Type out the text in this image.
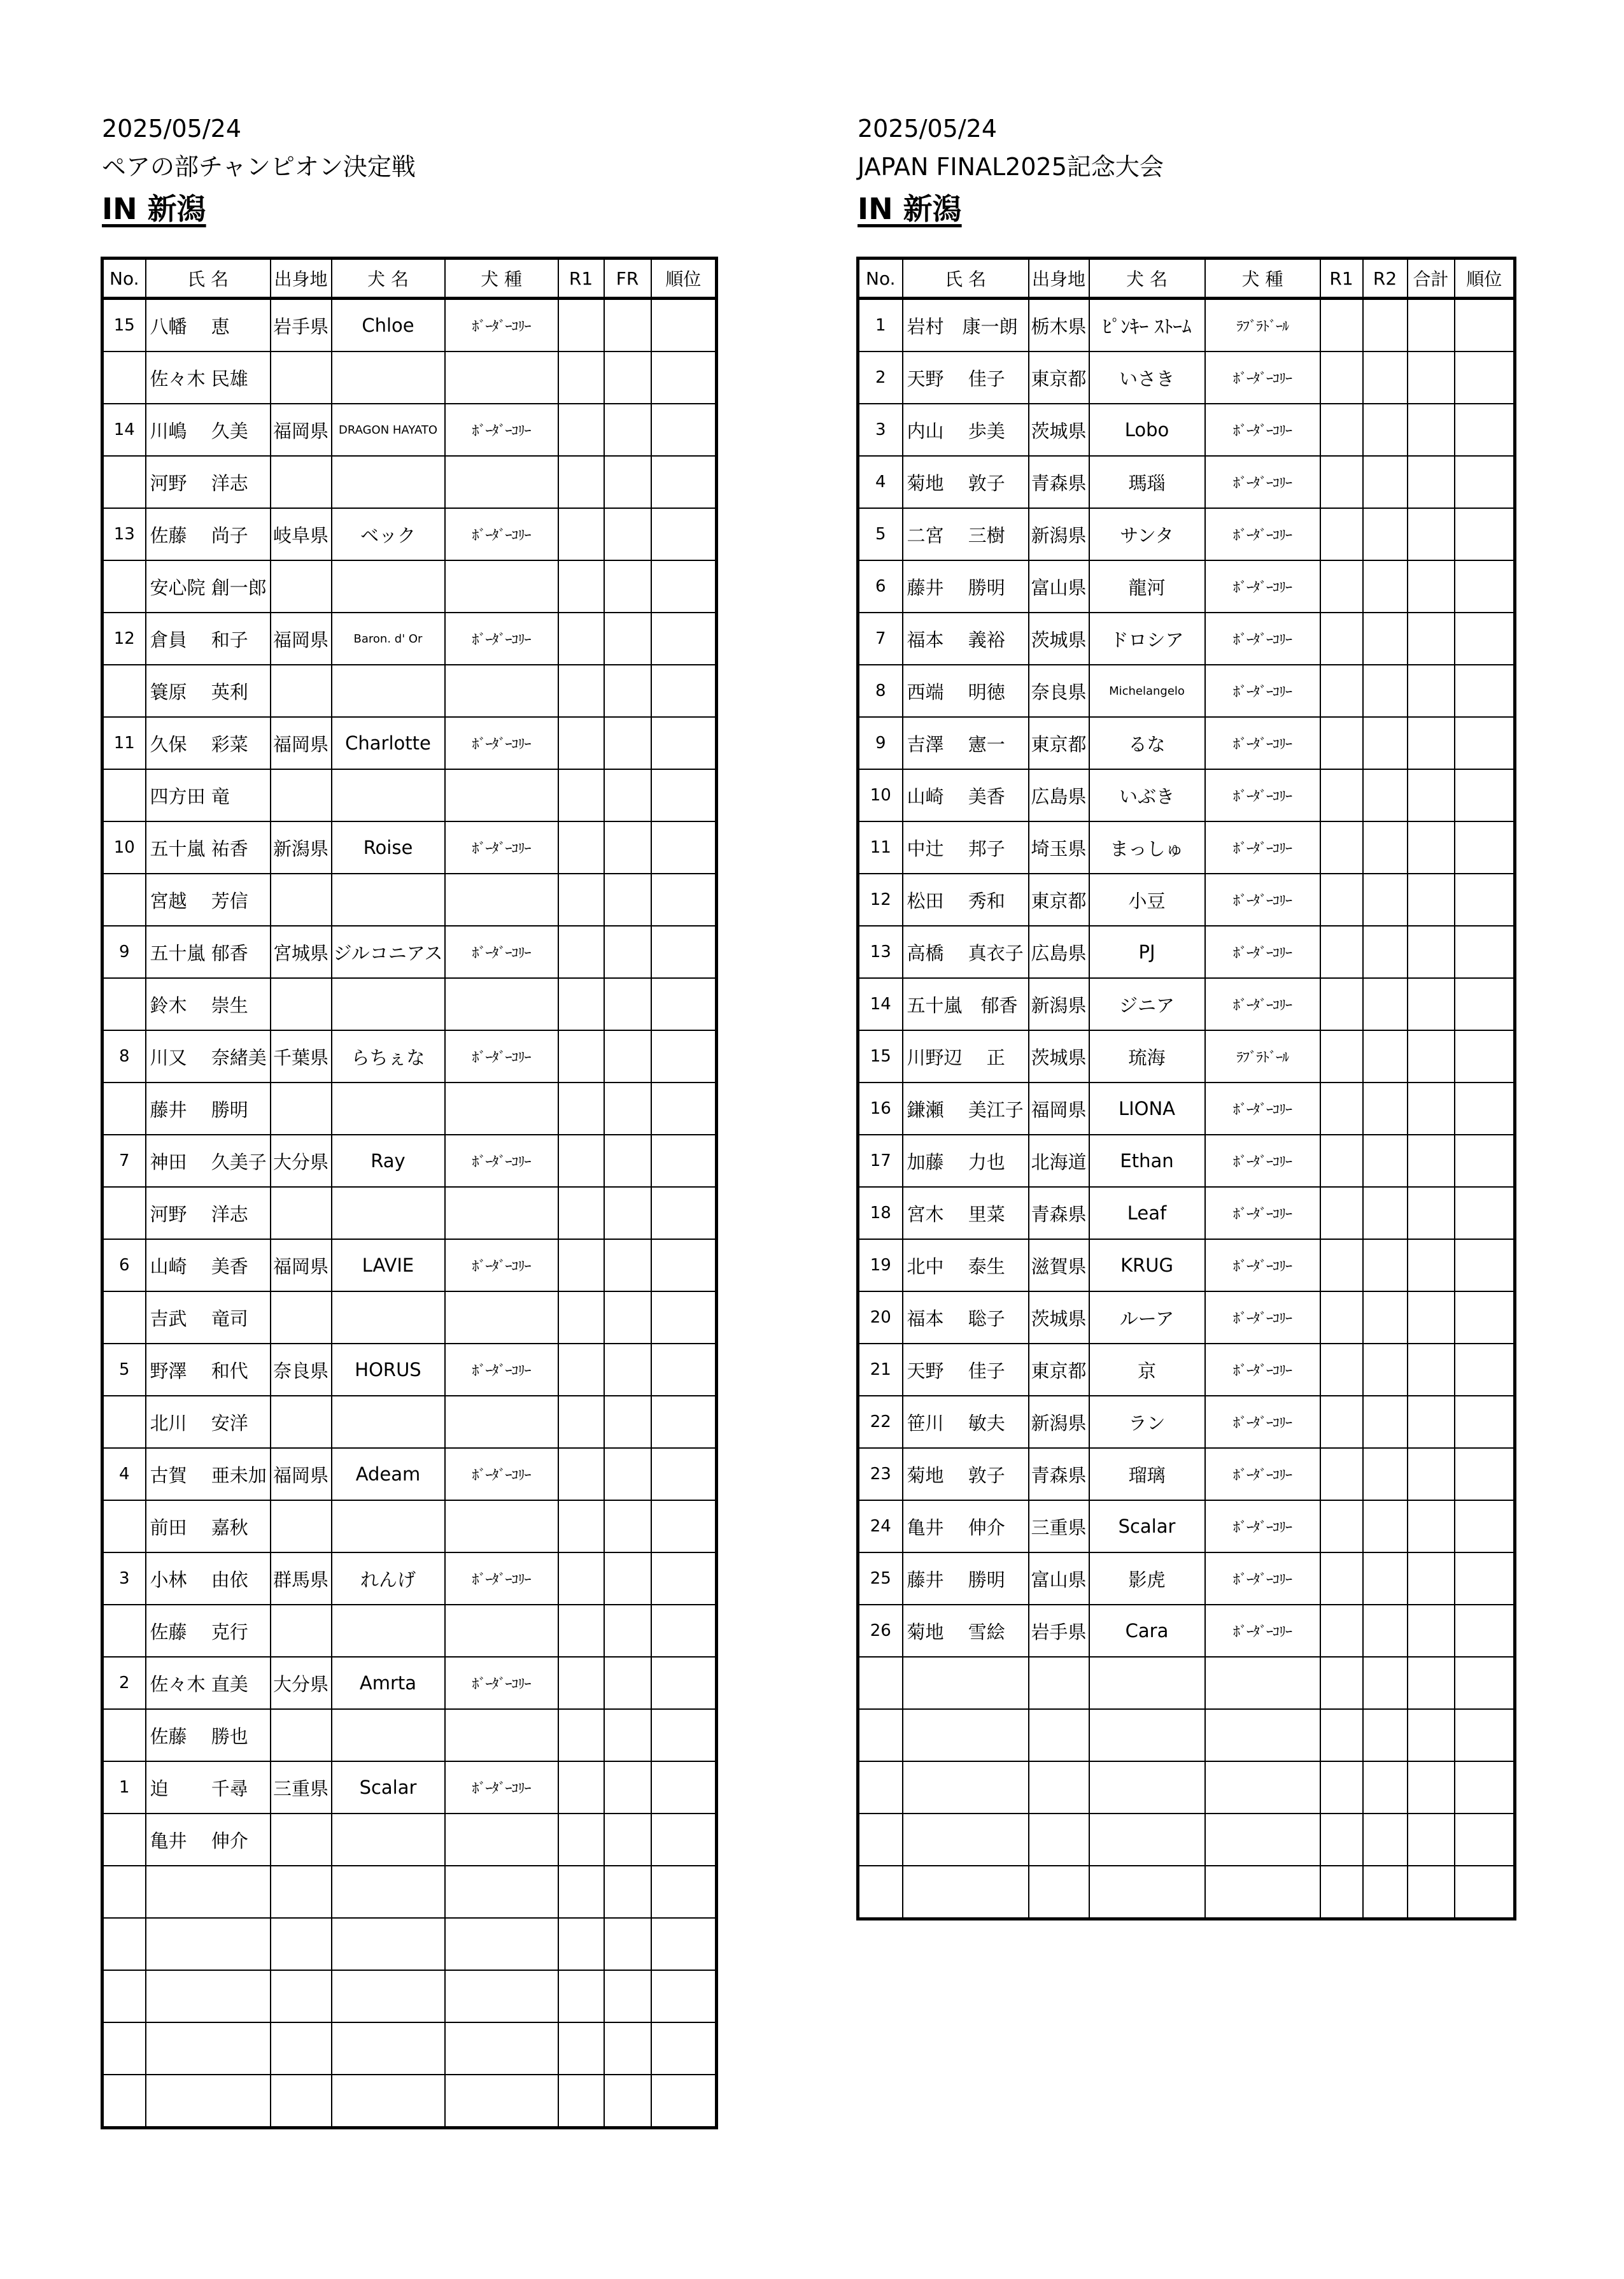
2025/05/24
ペアの部チャンピオン決定戦
IN 新潟
No.	氏 名	出身地	犬 名	犬 種	R1	FR	順位
15	八幡　 恵	岩手県	Chloe	ﾎﾞｰﾀﾞｰｺﾘｰ			
	佐々木 民雄						
14	川嶋　 久美	福岡県	DRAGON HAYATO	ﾎﾞｰﾀﾞｰｺﾘｰ			
	河野　 洋志						
13	佐藤　 尚子	岐阜県	ベック	ﾎﾞｰﾀﾞｰｺﾘｰ			
	安心院 創一郎						
12	倉員　 和子	福岡県	Baron. d' Or	ﾎﾞｰﾀﾞｰｺﾘｰ			
	簑原　 英利						
11	久保　 彩菜	福岡県	Charlotte	ﾎﾞｰﾀﾞｰｺﾘｰ			
	四方田 竜						
10	五十嵐 祐香	新潟県	Roise	ﾎﾞｰﾀﾞｰｺﾘｰ			
	宮越　 芳信						
9	五十嵐 郁香	宮城県	ジルコニアス	ﾎﾞｰﾀﾞｰｺﾘｰ			
	鈴木　 崇生						
8	川又　 奈緒美	千葉県	らちぇな	ﾎﾞｰﾀﾞｰｺﾘｰ			
	藤井　 勝明						
7	神田　 久美子	大分県	Ray	ﾎﾞｰﾀﾞｰｺﾘｰ			
	河野　 洋志						
6	山崎　 美香	福岡県	LAVIE	ﾎﾞｰﾀﾞｰｺﾘｰ			
	吉武　 竜司						
5	野澤　 和代	奈良県	HORUS	ﾎﾞｰﾀﾞｰｺﾘｰ			
	北川　 安洋						
4	古賀　 亜未加	福岡県	Adeam	ﾎﾞｰﾀﾞｰｺﾘｰ			
	前田　 嘉秋						
3	小林　 由依	群馬県	れんげ	ﾎﾞｰﾀﾞｰｺﾘｰ			
	佐藤　 克行						
2	佐々木 直美	大分県	Amrta	ﾎﾞｰﾀﾞｰｺﾘｰ			
	佐藤　 勝也						
1	迫　　 千尋	三重県	Scalar	ﾎﾞｰﾀﾞｰｺﾘｰ			
	亀井　 伸介						

2025/05/24
JAPAN FINAL2025記念大会
IN 新潟
No.	氏 名	出身地	犬 名	犬 種	R1	R2	合計	順位
1	岩村　康一朗	栃木県	ﾋﾟﾝｷｰ ｽﾄｰﾑ	ﾗﾌﾞﾗﾄﾞｰﾙ				
2	天野　 佳子	東京都	いさき	ﾎﾞｰﾀﾞｰｺﾘｰ				
3	内山　 歩美	茨城県	Lobo	ﾎﾞｰﾀﾞｰｺﾘｰ				
4	菊地　 敦子	青森県	瑪瑙	ﾎﾞｰﾀﾞｰｺﾘｰ				
5	二宮　 三樹	新潟県	サンタ	ﾎﾞｰﾀﾞｰｺﾘｰ				
6	藤井　 勝明	富山県	龍河	ﾎﾞｰﾀﾞｰｺﾘｰ				
7	福本　 義裕	茨城県	ドロシア	ﾎﾞｰﾀﾞｰｺﾘｰ				
8	西端　 明徳	奈良県	Michelangelo	ﾎﾞｰﾀﾞｰｺﾘｰ				
9	吉澤　 憲一	東京都	るな	ﾎﾞｰﾀﾞｰｺﾘｰ				
10	山崎　 美香	広島県	いぶき	ﾎﾞｰﾀﾞｰｺﾘｰ				
11	中辻　 邦子	埼玉県	まっしゅ	ﾎﾞｰﾀﾞｰｺﾘｰ				
12	松田　 秀和	東京都	小豆	ﾎﾞｰﾀﾞｰｺﾘｰ				
13	高橋　 真衣子	広島県	PJ	ﾎﾞｰﾀﾞｰｺﾘｰ				
14	五十嵐　郁香	新潟県	ジニア	ﾎﾞｰﾀﾞｰｺﾘｰ				
15	川野辺　 正	茨城県	琉海	ﾗﾌﾞﾗﾄﾞｰﾙ				
16	鎌瀬　 美江子	福岡県	LIONA	ﾎﾞｰﾀﾞｰｺﾘｰ				
17	加藤　 力也	北海道	Ethan	ﾎﾞｰﾀﾞｰｺﾘｰ				
18	宮木　 里菜	青森県	Leaf	ﾎﾞｰﾀﾞｰｺﾘｰ				
19	北中　 泰生	滋賀県	KRUG	ﾎﾞｰﾀﾞｰｺﾘｰ				
20	福本　 聡子	茨城県	ルーア	ﾎﾞｰﾀﾞｰｺﾘｰ				
21	天野　 佳子	東京都	京	ﾎﾞｰﾀﾞｰｺﾘｰ				
22	笹川　 敏夫	新潟県	ラン	ﾎﾞｰﾀﾞｰｺﾘｰ				
23	菊地　 敦子	青森県	瑠璃	ﾎﾞｰﾀﾞｰｺﾘｰ				
24	亀井　 伸介	三重県	Scalar	ﾎﾞｰﾀﾞｰｺﾘｰ				
25	藤井　 勝明	富山県	影虎	ﾎﾞｰﾀﾞｰｺﾘｰ				
26	菊地　 雪絵	岩手県	Cara	ﾎﾞｰﾀﾞｰｺﾘｰ				
